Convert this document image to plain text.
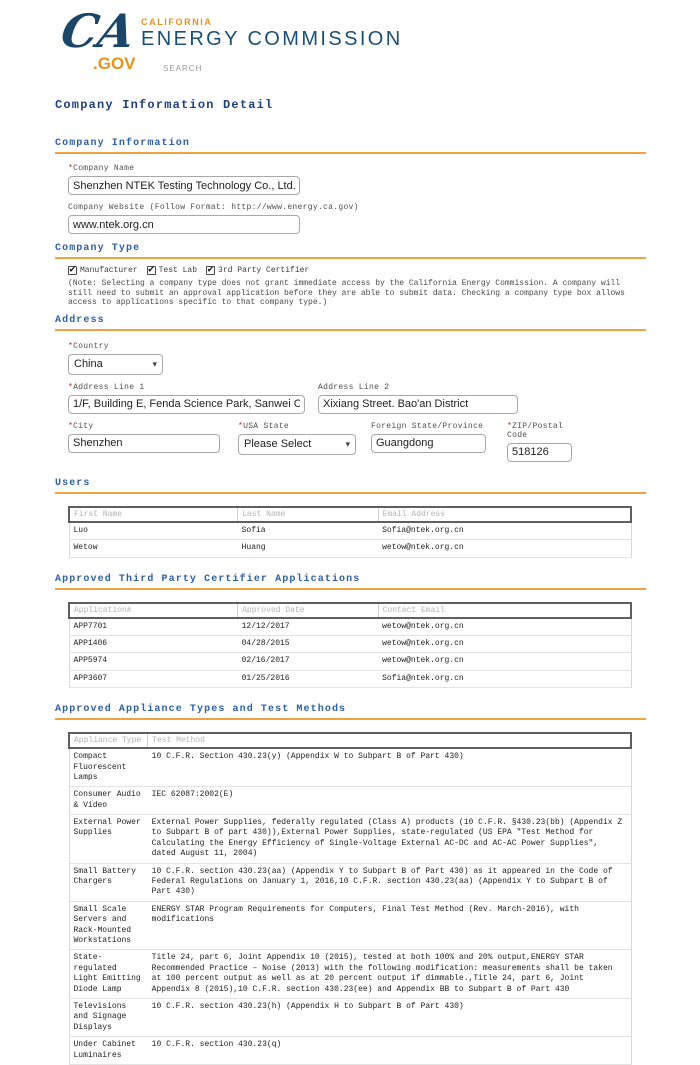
CA
.GOV
CALIFORNIA
ENERGY COMMISSION
SEARCH
Company Information Detail
Company Information
*Company Name
Shenzhen NTEK Testing Technology Co., Ltd.
Company Website (Follow Format: http://www.energy.ca.gov)
www.ntek.org.cn
Company Type
✔ Manufacturer ✔ Test Lab ✔ 3rd Party Certifier
(Note: Selecting a company type does not grant immediate access by the California Energy Commission. A company will still need to submit an approval application before they are able to submit data. Checking a company type box allows access to applications specific to that company type.)
Address
*Country
China	▾
*Address Line 1
1/F, Building E, Fenda Science Park, Sanwei Com	Address Line 2
Xixiang Street. Bao'an District
*City
Shenzhen	*USA State
Please Select	▾
Foreign State/Province
Guangdong	*ZIP/Postal Code
518126
Users
First Name	Last Name	Email Address
Luo	Sofia	Sofia@ntek.org.cn
Wetow	Huang	wetow@ntek.org.cn
Approved Third Party Certifier Applications
Application#	Approved Date	Contact Email
APP7701	12/12/2017	wetow@ntek.org.cn
APP1406	04/28/2015	wetow@ntek.org.cn
APP5974	02/16/2017	wetow@ntek.org.cn
APP3607	01/25/2016	Sofia@ntek.org.cn
Approved Appliance Types and Test Methods
Appliance Type	Test Method
Compact Fluorescent Lamps	10 C.F.R. Section 430.23(y) (Appendix W to Subpart B of Part 430)
Consumer Audio & Video	IEC 62087:2002(E)
External Power Supplies	External Power Supplies, federally regulated (Class A) products (10 C.F.R. §430.23(bb) (Appendix Z to Subpart B of part 430)),External Power Supplies, state-regulated (US EPA "Test Method for Calculating the Energy Efficiency of Single-Voltage External AC-DC and AC-AC Power Supplies", dated August 11, 2004)
Small Battery Chargers	10 C.F.R. section 430.23(aa) (Appendix Y to Subpart B of Part 430) as it appeared in the Code of Federal Regulations on January 1, 2016,10 C.F.R. section 430.23(aa) (Appendix Y to Subpart B of Part 430)
Small Scale Servers and Rack-Mounted Workstations	ENERGY STAR Program Requirements for Computers, Final Test Method (Rev. March-2016), with modifications
State-regulated Light Emitting Diode Lamp	Title 24, part 6, Joint Appendix 10 (2015), tested at both 100% and 20% output,ENERGY STAR Recommended Practice – Noise (2013) with the following modification: measurements shall be taken at 100 percent output as well as at 20 percent output if dimmable.,Title 24, part 6, Joint Appendix 8 (2015),10 C.F.R. section 430.23(ee) and Appendix BB to Subpart B of Part 430
Televisions and Signage Displays	10 C.F.R. section 430.23(h) (Appendix H to Subpart B of Part 430)
Under Cabinet Luminaires	10 C.F.R. section 430.23(q)
